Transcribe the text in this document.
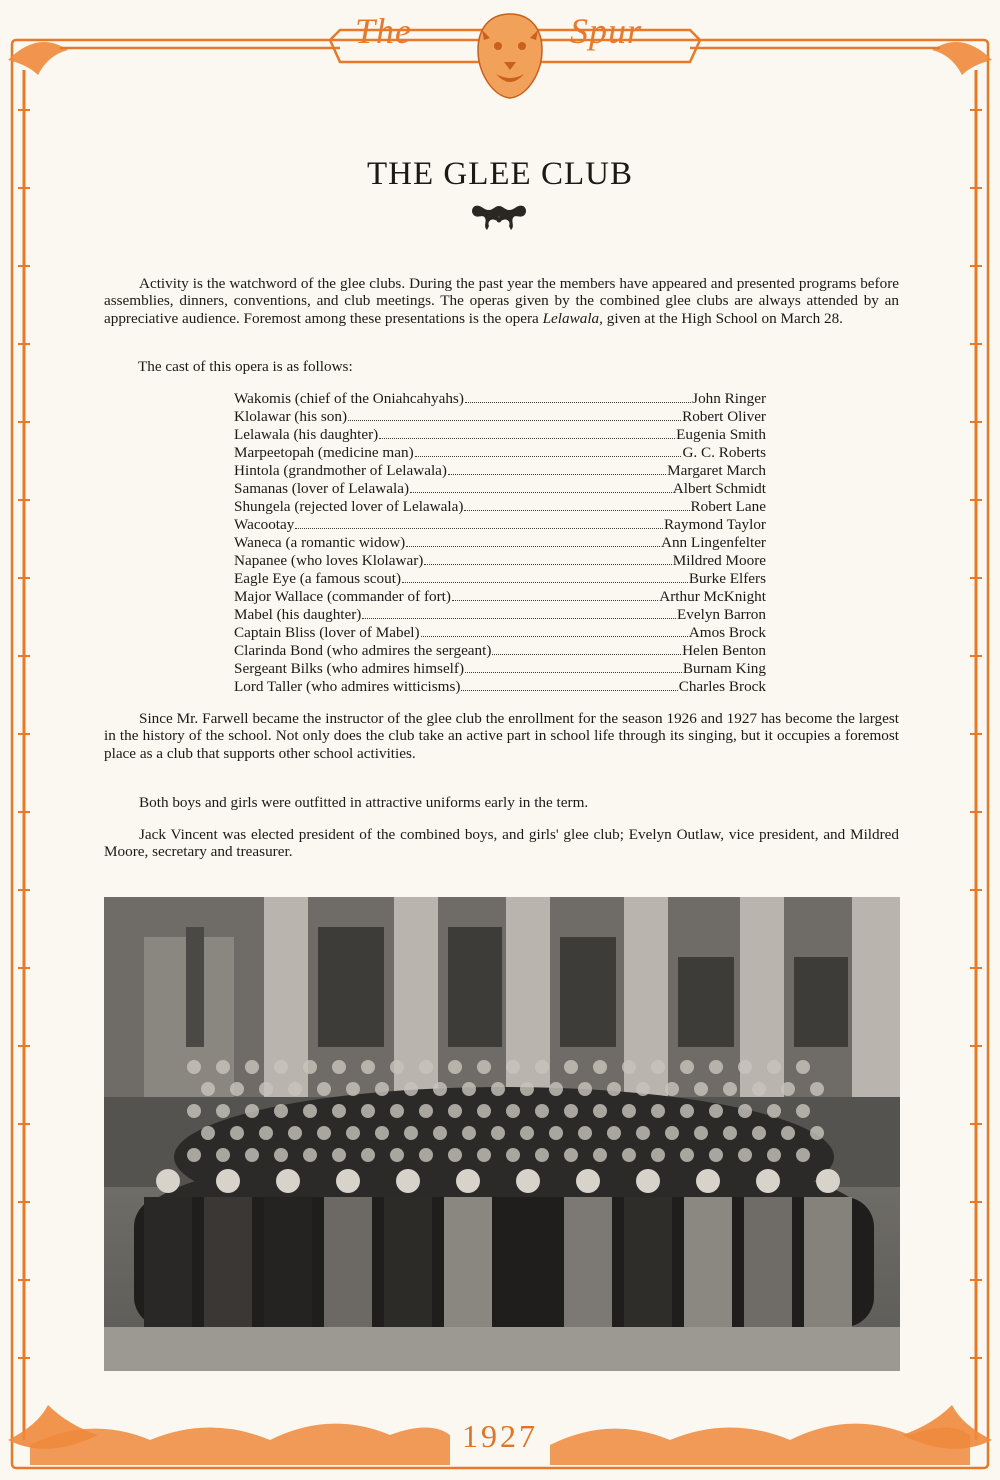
The	Spur
THE GLEE CLUB

Activity is the watchword of the glee clubs. During the past year the members have appeared and presented programs before assemblies, dinners, conventions, and club meetings. The operas given by the combined glee clubs are always attended by an appreciative audience. Foremost among these presentations is the opera Lelawala, given at the High School on March 28.

The cast of this opera is as follows:

Wakomis (chief of the Oniahcahyahs)	John Ringer
Klolawar (his son)	Robert Oliver
Lelawala (his daughter)	Eugenia Smith
Marpeetopah (medicine man)	G. C. Roberts
Hintola (grandmother of Lelawala)	Margaret March
Samanas (lover of Lelawala)	Albert Schmidt
Shungela (rejected lover of Lelawala)	Robert Lane
Wacootay	Raymond Taylor
Waneca (a romantic widow)	Ann Lingenfelter
Napanee (who loves Klolawar)	Mildred Moore
Eagle Eye (a famous scout)	Burke Elfers
Major Wallace (commander of fort)	Arthur McKnight
Mabel (his daughter)	Evelyn Barron
Captain Bliss (lover of Mabel)	Amos Brock
Clarinda Bond (who admires the sergeant)	Helen Benton
Sergeant Bilks (who admires himself)	Burnam King
Lord Taller (who admires witticisms)	Charles Brock

Since Mr. Farwell became the instructor of the glee club the enrollment for the season 1926 and 1927 has become the largest in the history of the school. Not only does the club take an active part in school life through its singing, but it occupies a foremost place as a club that supports other school activities.

Both boys and girls were outfitted in attractive uniforms early in the term.

Jack Vincent was elected president of the combined boys, and girls' glee club; Evelyn Outlaw, vice president, and Mildred Moore, secretary and treasurer.

1927
